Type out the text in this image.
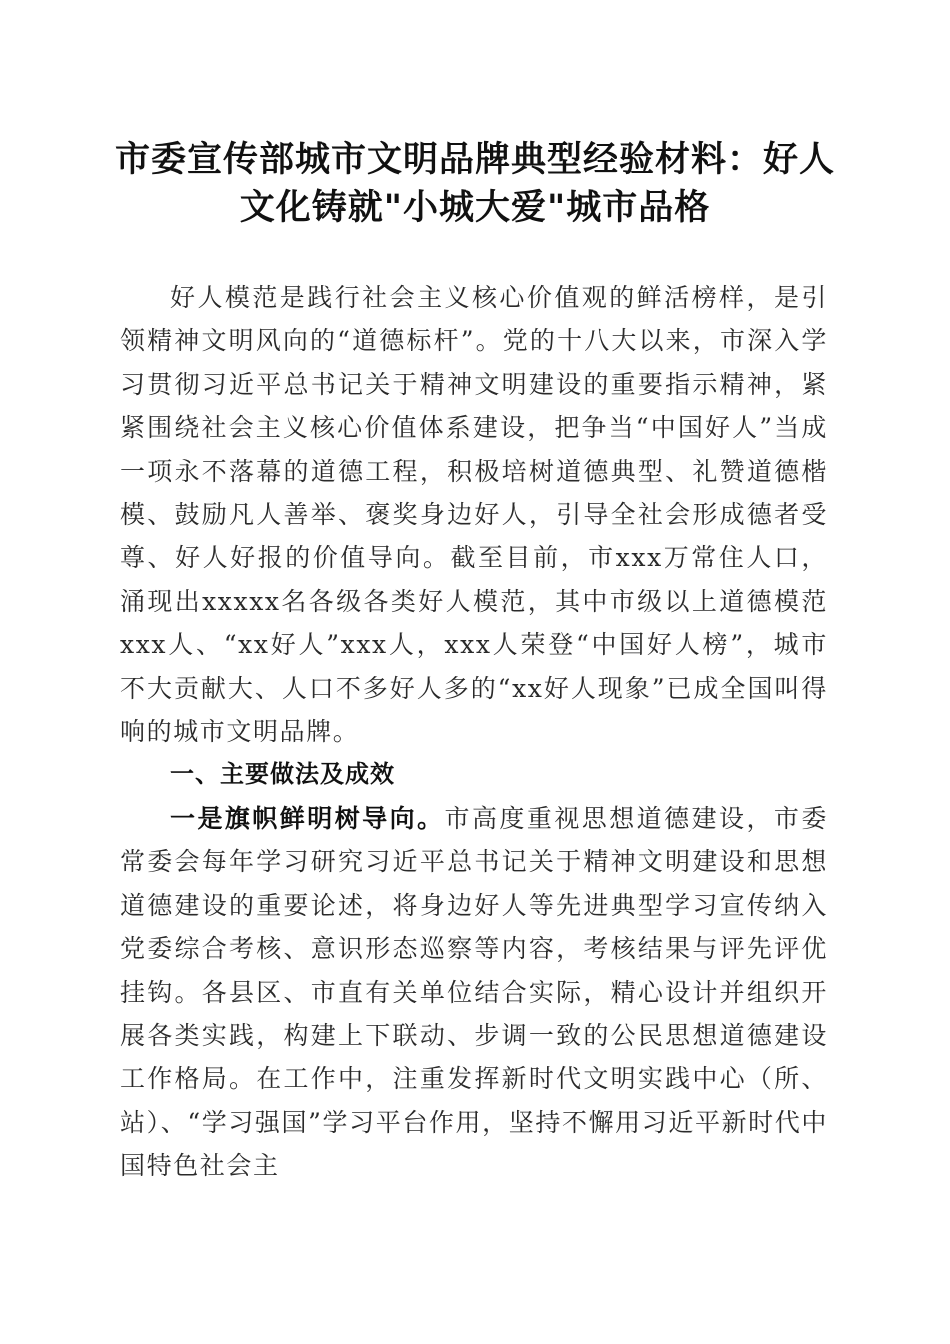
市委宣传部城市文明品牌典型经验材料：好人
文化铸就"小城大爱"城市品格

好人模范是践行社会主义核心价值观的鲜活榜样，是引领精神文明风向的“道德标杆”。党的十八大以来，市深入学习贯彻习近平总书记关于精神文明建设的重要指示精神，紧紧围绕社会主义核心价值体系建设，把争当“中国好人”当成一项永不落幕的道德工程，积极培树道德典型、礼赞道德楷模、鼓励凡人善举、褒奖身边好人，引导全社会形成德者受尊、好人好报的价值导向。截至目前，市xxx万常住人口，涌现出xxxxx名各级各类好人模范，其中市级以上道德模范xxx人、“xx好人”xxx人，xxx人荣登“中国好人榜”，城市不大贡献大、人口不多好人多的“xx好人现象”已成全国叫得响的城市文明品牌。

一、主要做法及成效

一是旗帜鲜明树导向。市高度重视思想道德建设，市委常委会每年学习研究习近平总书记关于精神文明建设和思想道德建设的重要论述，将身边好人等先进典型学习宣传纳入党委综合考核、意识形态巡察等内容，考核结果与评先评优挂钩。各县区、市直有关单位结合实际，精心设计并组织开展各类实践，构建上下联动、步调一致的公民思想道德建设工作格局。在工作中，注重发挥新时代文明实践中心（所、站）、“学习强国”学习平台作用，坚持不懈用习近平新时代中国特色社会主
